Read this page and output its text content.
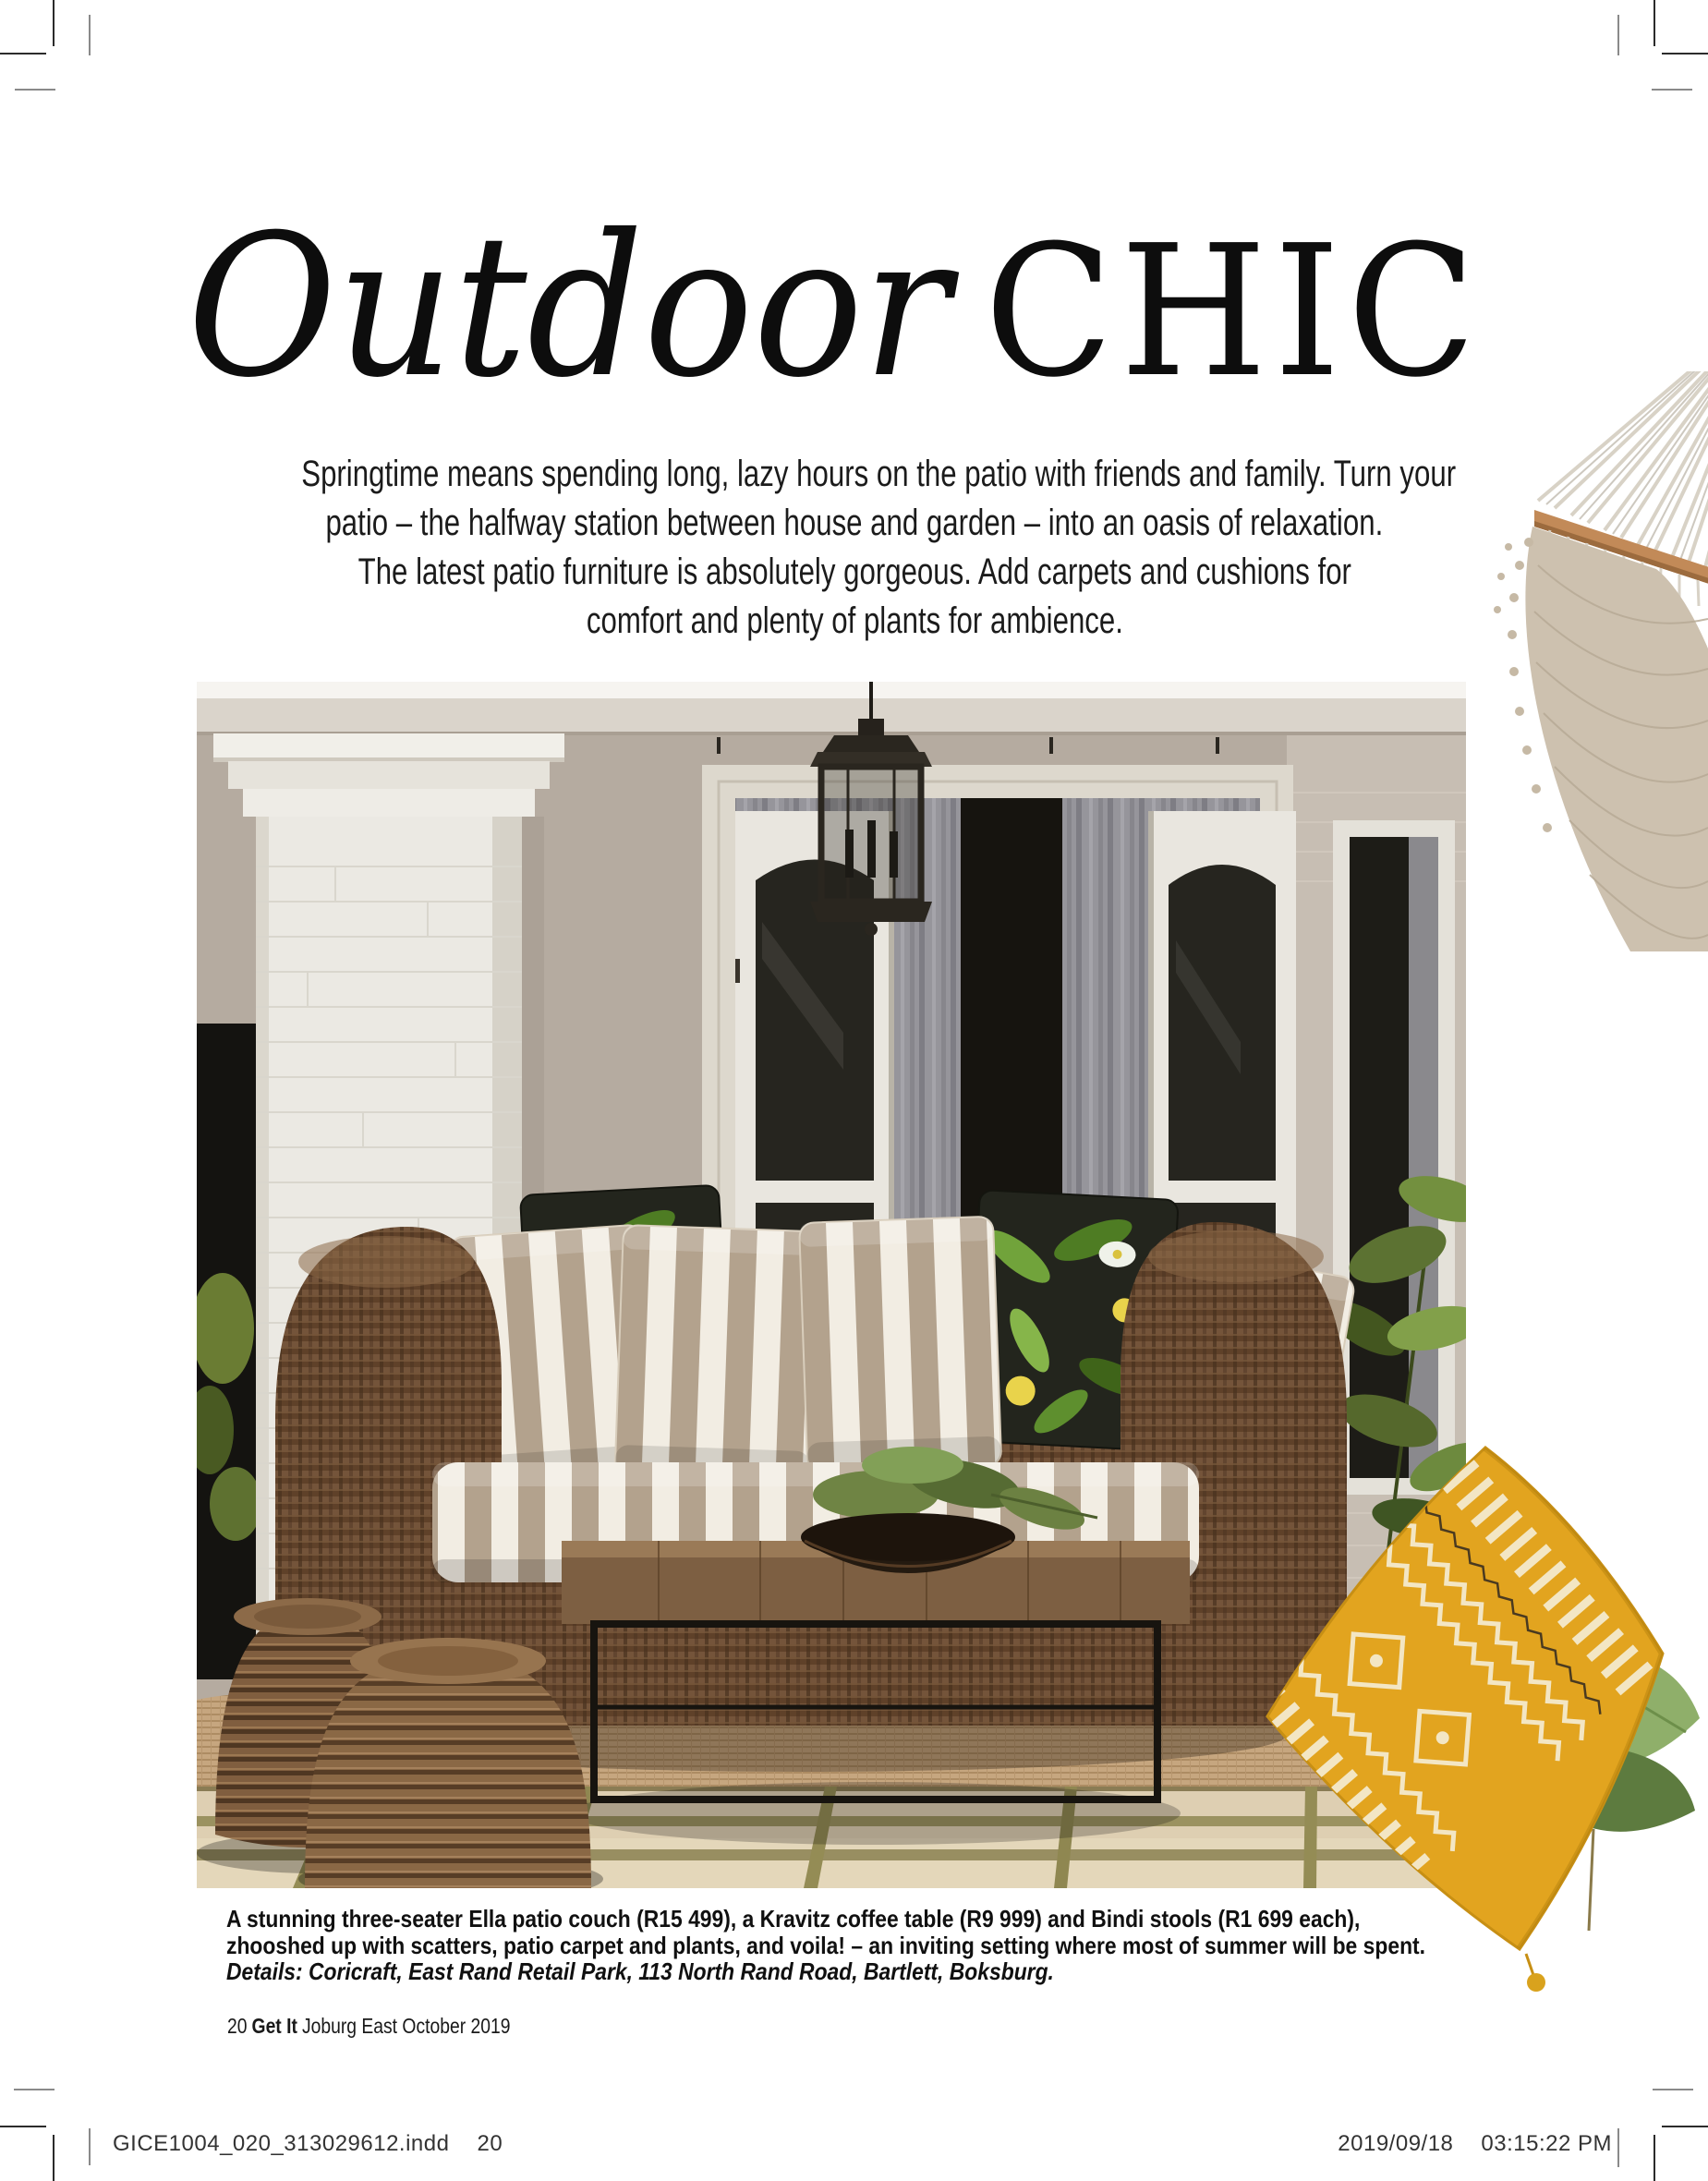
Outdoor CHIC
Springtime means spending long, lazy hours on the patio with friends and family. Turn your
patio – the halfway station between house and garden – into an oasis of relaxation.
The latest patio furniture is absolutely gorgeous. Add carpets and cushions for
comfort and plenty of plants for ambience.
A stunning three-seater Ella patio couch (R15 499), a Kravitz coffee table (R9 999) and Bindi stools (R1 699 each),
zhooshed up with scatters, patio carpet and plants, and voila! – an inviting setting where most of summer will be spent.
Details: Coricraft, East Rand Retail Park, 113 North Rand Road, Bartlett, Boksburg.
20 Get It Joburg East October 2019
GICE1004_020_313029612.indd 20	2019/09/18 03:15:22 PM
